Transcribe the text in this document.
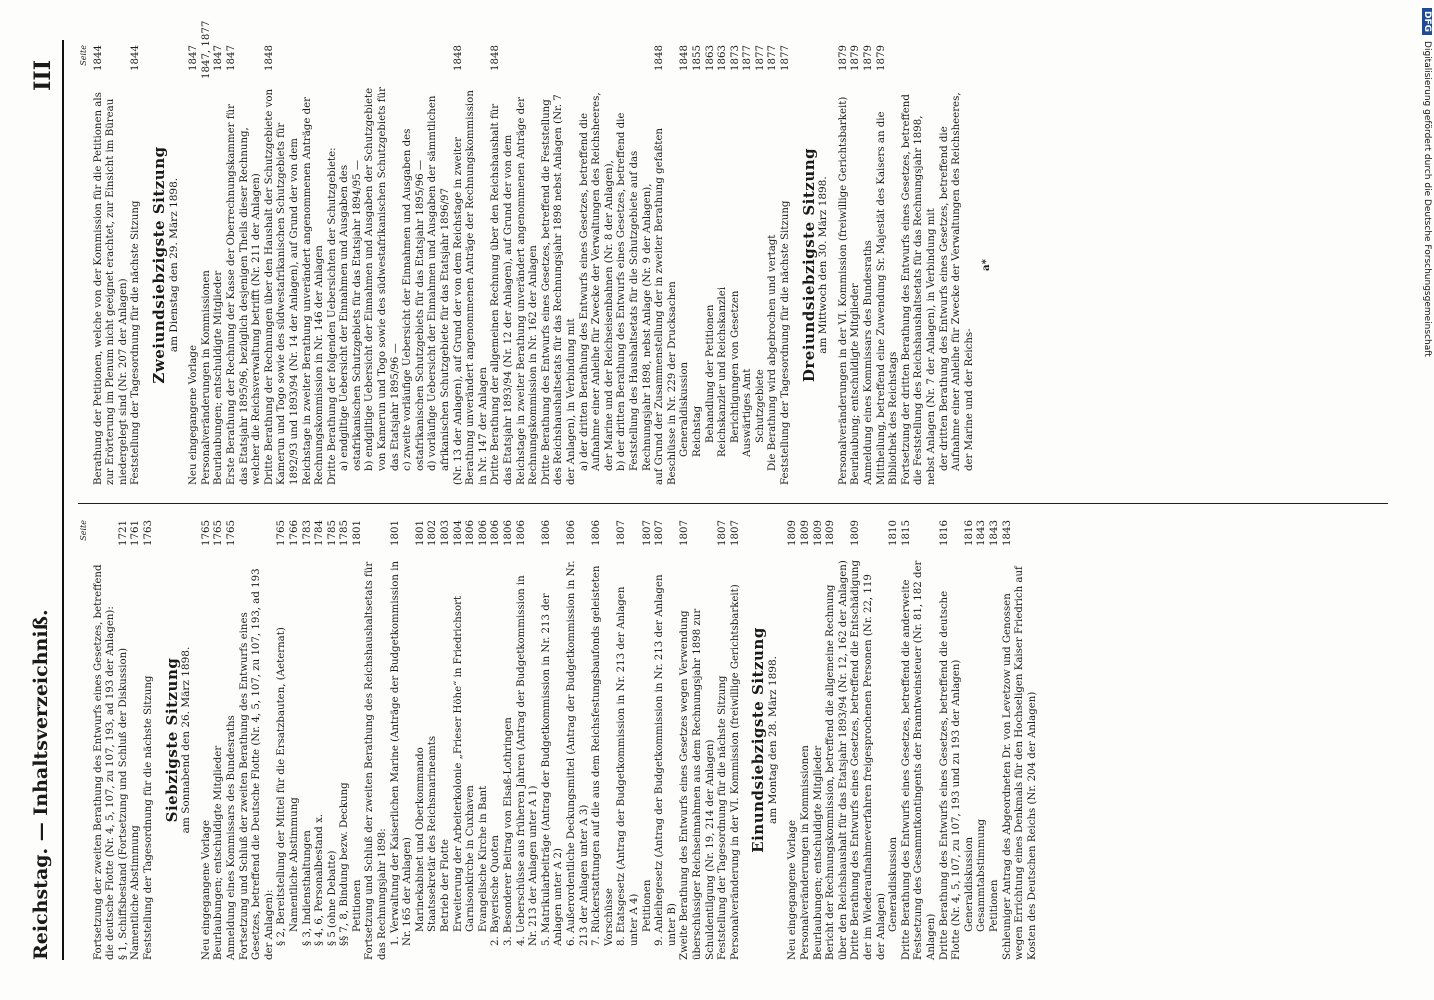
Reichstag. — Inhaltsverzeichniß.
III
Seite
Fortsetzung der zweiten Berathung des Entwurfs eines Gesetzes, betreffend die deutsche Flotte (Nr. 4, 5, 107, zu 107, 193, ad 193 der Anlagen): § 1, Schiffsbestand (Fortsetzung und Schluß der Diskussion)
1721
Namentliche Abstimmung
1761
Feststellung der Tagesordnung für die nächste Sitzung
1763
Siebzigste Sitzung am Sonnabend den 26. März 1898.
Neu eingegangene Vorlage
1765
Beurlaubungen; entschuldigte Mitglieder
1765
Anmeldung eines Kommissars des Bundesraths
1765
Fortsetzung und Schluß der zweiten Berathung des Entwurfs eines Gesetzes, betreffend die Deutsche Flotte (Nr. 4, 5, 107, zu 107, 193, ad 193 der Anlagen): § 2, Bereitstellung der Mittel für die Ersatzbauten, (Aeternat)
1765
Namentliche Abstimmung
1766
§ 3, Indiensthaltungen
1783
§ 4, 6, Personalbestand x.
1784
§ 5 (ohne Debatte)
1785
§§ 7, 8, Bindung bezw. Deckung
1785
Petitionen
1801
Fortsetzung und Schluß der zweiten Berathung des Reichshaushaltsetats für das Rechnungsjahr 1898: 1. Verwaltung der Kaiserlichen Marine (Anträge der Budgetkommission in Nr. 165 der Anlagen)
1801
Marinekabinet und Oberkommando
1801
Staatssekretär des Reichsmarineamts
1802
Betrieb der Flotte
1803
Erweiterung der Arbeiterkolonie „Frieser Höhe“ in Friedrichsort
1804
Garnisonkirche in Cuxhaven
1806
Evangelische Kirche in Bant
1806
2. Bayerische Quoten
1806
3. Besonderer Beitrag von Elsaß-Lothringen
1806
4. Ueberschüsse aus früheren Jahren (Antrag der Budgetkommission in Nr. 213 der Anlagen unter A 1)
1806
5. Matrikularbeiträge (Antrag der Budgetkommission in Nr. 213 der Anlagen unter A 2)
1806
6. Außerordentliche Deckungsmittel (Antrag der Budgetkommission in Nr. 213 der Anlagen unter A 3)
1806
7. Rückerstattungen auf die aus dem Reichsfestungsbaufonds geleisteten Vorschüsse
1806
8. Etatsgesetz (Antrag der Budgetkommission in Nr. 213 der Anlagen unter A 4)
1807
Petitionen
1807
9. Anleihegesetz (Antrag der Budgetkommission in Nr. 213 der Anlagen unter B)
1807
Zweite Berathung des Entwurfs eines Gesetzes wegen Verwendung überschüssiger Reichseinnahmen aus dem Rechnungsjahr 1898 zur Schuldentilgung (Nr. 19, 214 der Anlagen)
1807
Feststellung der Tagesordnung für die nächste Sitzung
1807
Personalveränderung in der VI. Kommission (freiwillige Gerichtsbarkeit)
1807
Einundsiebzigste Sitzung am Montag den 28. März 1898.
Neu eingegangene Vorlage
1809
Personalveränderungen in Kommissionen
1809
Beurlaubungen; entschuldigte Mitglieder
1809
Bericht der Rechnungskommission, betreffend die allgemeine Rechnung über den Reichshaushalt für das Etatsjahr 1893/94 (Nr. 12, 162 der Anlagen)
1809
Dritte Berathung des Entwurfs eines Gesetzes, betreffend die Entschädigung der im Wiederaufnahmeverfahren freigesprochenen Personen (Nr. 22, 119 der Anlagen)
1809
Generaldiskussion
1810
Dritte Berathung des Entwurfs eines Gesetzes, betreffend die anderweite Festsetzung des Gesammtkontingents der Branntweinsteuer (Nr. 81, 182 der Anlagen)
1815
Dritte Berathung des Entwurfs eines Gesetzes, betreffend die deutsche Flotte (Nr. 4, 5, 107, zu 107, 193 und zu 193 der Anlagen)
1816
Generaldiskussion
1816
Gesammtabstimmung
1843
Petitionen
1843
Schleuniger Antrag des Abgeordneten Dr. von Levetzow und Genossen wegen Errichtung eines Denkmals für den Hochseligen Kaiser Friedrich auf Kosten des Deutschen Reichs (Nr. 204 der Anlagen)
1843
Seite
Berathung der Petitionen, welche von der Kommission für die Petitionen als zur Erörterung im Plenum nicht geeignet erachtet, zur Einsicht im Büreau niedergelegt sind (Nr. 207 der Anlagen)
1844
Feststellung der Tagesordnung für die nächste Sitzung
1844
Zweiundsiebzigste Sitzung am Dienstag den 29. März 1898.
Neu eingegangene Vorlage
1847
Personalveränderungen in Kommissionen
1847, 1877
Beurlaubungen; entschuldigte Mitglieder
1847
Erste Berathung der Rechnung der Kasse der Oberrechnungskammer für das Etatsjahr 1895/96, bezüglich desjenigen Theils dieser Rechnung, welcher die Reichsverwaltung betrifft (Nr. 211 der Anlagen)
1847
Dritte Berathung der Rechnungen über den Haushalt der Schutzgebiete von Kamerun und Togo sowie des südwestafrikanischen Schutzgebiets für 1892/93 und 1893/94 (Nr. 14 der Anlagen), auf Grund der von dem Reichstage in zweiter Berathung unverändert angenommenen Anträge der Rechnungskommission in Nr. 146 der Anlagen
1848
Dritte Berathung der folgenden Uebersichten der Schutzgebiete: a) endgiltige Uebersicht der Einnahmen und Ausgaben des ostafrikanischen Schutzgebiets für das Etatsjahr 1894/95 — b) endgiltige Uebersicht der Einnahmen und Ausgaben der Schutzgebiete von Kamerun und Togo sowie des südwestafrikanischen Schutzgebiets für das Etatsjahr 1895/96 — c) zweite vorläufige Uebersicht der Einnahmen und Ausgaben des ostafrikanischen Schutzgebiets für das Etatsjahr 1895/96 — d) vorläufige Uebersicht der Einnahmen und Ausgaben der sämmtlichen afrikanischen Schutzgebiete für das Etatsjahr 1896/97 (Nr. 13 der Anlagen), auf Grund der von dem Reichstage in zweiter Berathung unverändert angenommenen Anträge der Rechnungskommission in Nr. 147 der Anlagen
1848
Dritte Berathung der allgemeinen Rechnung über den Reichshaushalt für das Etatsjahr 1893/94 (Nr. 12 der Anlagen), auf Grund der von dem Reichstage in zweiter Berathung unverändert angenommenen Anträge der Rechnungskommission in Nr. 162 der Anlagen
1848
Dritte Berathung des Entwurfs eines Gesetzes, betreffend die Feststellung des Reichshaushaltsetats für das Rechnungsjahr 1898 nebst Anlagen (Nr. 7 der Anlagen), in Verbindung mit a) der dritten Berathung des Entwurfs eines Gesetzes, betreffend die Aufnahme einer Anleihe für Zwecke der Verwaltungen des Reichsheeres, der Marine und der Reichseisenbahnen (Nr. 8 der Anlagen), b) der dritten Berathung des Entwurfs eines Gesetzes, betreffend die Feststellung des Haushaltsetats für die Schutzgebiete auf das Rechnungsjahr 1898, nebst Anlage (Nr. 9 der Anlagen), auf Grund der Zusammenstellung der in zweiter Berathung gefaßten Beschlüsse in Nr. 229 der Drucksachen
1848
Generaldiskussion
1848
Reichstag
1855
Behandlung der Petitionen
1863
Reichskanzler und Reichskanzlei
1863
Berichtigungen von Gesetzen
1873
Auswärtiges Amt
1877
Schutzgebiete
1877
Die Berathung wird abgebrochen und vertagt
1877
Feststellung der Tagesordnung für die nächste Sitzung
1877
Dreiundsiebzigste Sitzung am Mittwoch den 30. März 1898. Personalveränderungen in der VI. Kommission (freiwillige Gerichtsbarkeit)
1879
Beurlaubung; entschuldigte Mitglieder
1879
Anmeldung eines Kommissars des Bundesraths
1879
Mittheilung, betreffend eine Zuwendung Sr. Majestät des Kaisers an die Bibliothek des Reichstags
1879
Fortsetzung der dritten Berathung des Entwurfs eines Gesetzes, betreffend die Feststellung des Reichshaushaltsetats für das Rechnungsjahr 1898, nebst Anlagen (Nr. 7 der Anlagen), in Verbindung mit der dritten Berathung des Entwurfs eines Gesetzes, betreffend die Aufnahme einer Anleihe für Zwecke der Verwaltungen des Reichsheeres, der Marine und der Reichs-
a*
DFGDigitalisierung gefördert durch die Deutsche Forschungsgemeinschaft
